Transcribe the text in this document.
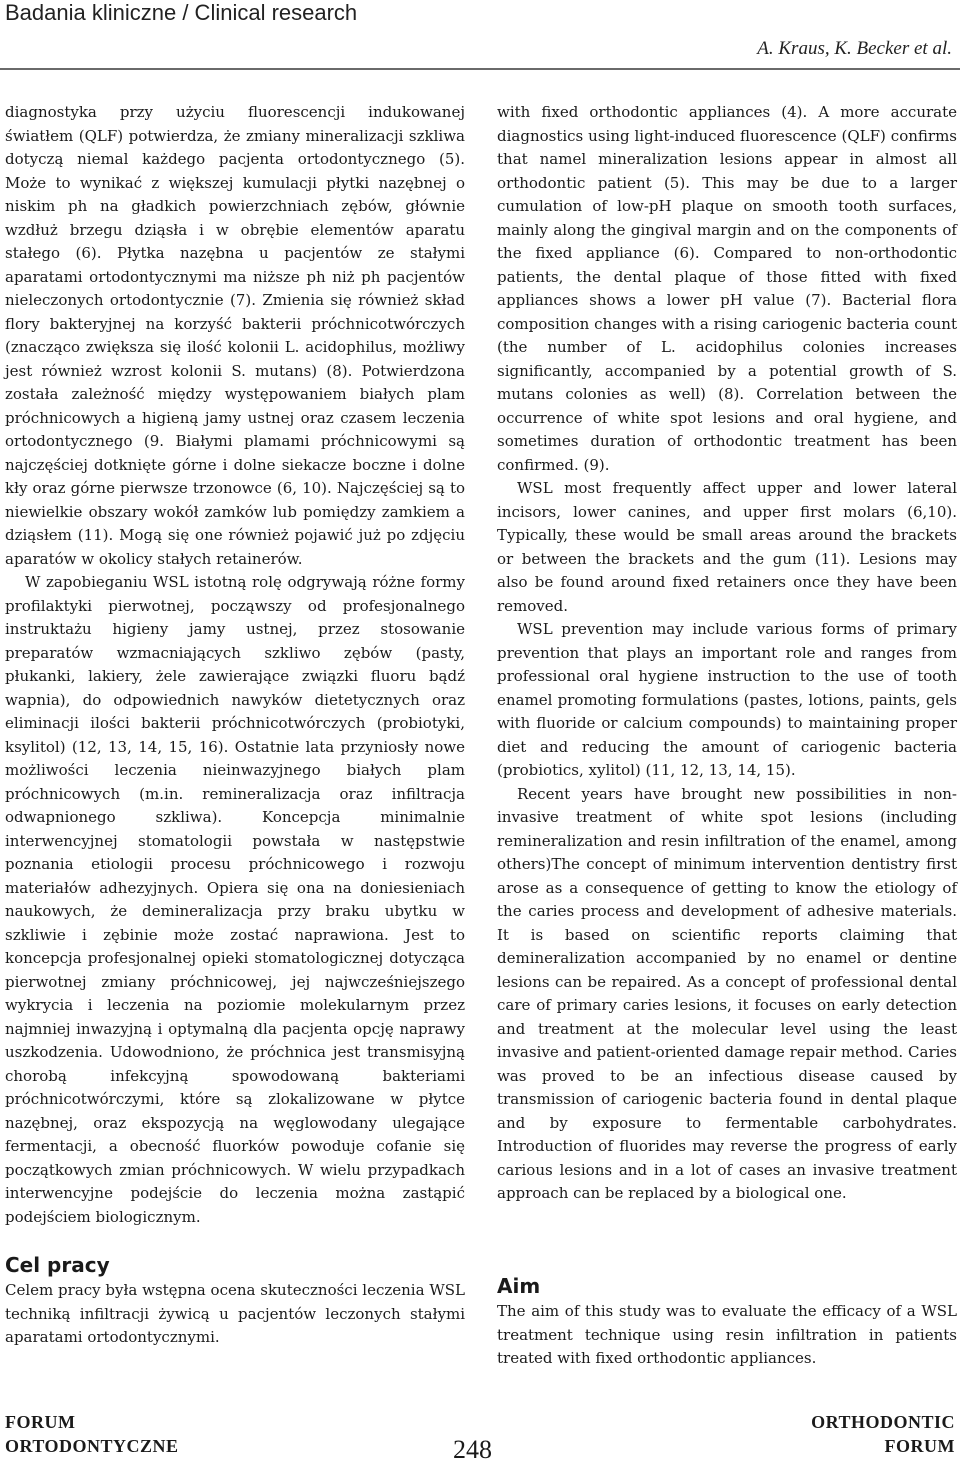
Badania kliniczne / Clinical research
A. Kraus, K. Becker et al.

diagnostyka przy użyciu fluorescencji indukowanej światłem (QLF) potwierdza, że zmiany mineralizacji szkliwa dotyczą niemal każdego pacjenta ortodontycznego (5). Może to wynikać z większej kumulacji płytki nazębnej o niskim ph na gładkich powierzchniach zębów, głównie wzdłuż brzegu dziąsła i w obrębie elementów aparatu stałego (6). Płytka nazębna u pacjentów ze stałymi aparatami ortodontycznymi ma niższe ph niż ph pacjentów nieleczonych ortodontycznie (7). Zmienia się również skład flory bakteryjnej na korzyść bakterii próchnicotwórczych (znacząco zwiększa się ilość kolonii L. acidophilus, możliwy jest również wzrost kolonii S. mutans) (8). Potwierdzona została zależność między występowaniem białych plam próchnicowych a higieną jamy ustnej oraz czasem leczenia ortodontycznego (9. Białymi plamami próchnicowymi są najczęściej dotknięte górne i dolne siekacze boczne i dolne kły oraz górne pierwsze trzonowce (6, 10). Najczęściej są to niewielkie obszary wokół zamków lub pomiędzy zamkiem a dziąsłem (11). Mogą się one również pojawić już po zdjęciu aparatów w okolicy stałych retainerów.

W zapobieganiu WSL istotną rolę odgrywają różne formy profilaktyki pierwotnej, począwszy od profesjonalnego instruktażu higieny jamy ustnej, przez stosowanie preparatów wzmacniających szkliwo zębów (pasty, płukanki, lakiery, żele zawierające związki fluoru bądź wapnia), do odpowiednich nawyków dietetycznych oraz eliminacji ilości bakterii próchnicotwórczych (probiotyki, ksylitol) (12, 13, 14, 15, 16). Ostatnie lata przyniosły nowe możliwości leczenia nieinwazyjnego białych plam próchnicowych (m.in. remineralizacja oraz infiltracja odwapnionego szkliwa). Koncepcja minimalnie interwencyjnej stomatologii powstała w następstwie poznania etiologii procesu próchnicowego i rozwoju materiałów adhezyjnych. Opiera się ona na doniesieniach naukowych, że demineralizacja przy braku ubytku w szkliwie i zębinie może zostać naprawiona. Jest to koncepcja profesjonalnej opieki stomatologicznej dotycząca pierwotnej zmiany próchnicowej, jej najwcześniejszego wykrycia i leczenia na poziomie molekularnym przez najmniej inwazyjną i optymalną dla pacjenta opcję naprawy uszkodzenia. Udowodniono, że próchnica jest transmisyjną chorobą infekcyjną spowodowaną bakteriami próchnicotwórczymi, które są zlokalizowane w płytce nazębnej, oraz ekspozycją na węglowodany ulegające fermentacji, a obecność fluorków powoduje cofanie się początkowych zmian próchnicowych. W wielu przypadkach interwencyjne podejście do leczenia można zastąpić podejściem biologicznym.

Cel pracy

Celem pracy była wstępna ocena skuteczności leczenia WSL techniką infiltracji żywicą u pacjentów leczonych stałymi aparatami ortodontycznymi.

with fixed orthodontic appliances (4). A more accurate diagnostics using light-induced fluorescence (QLF) confirms that namel mineralization lesions appear in almost all orthodontic patient (5). This may be due to a larger cumulation of low-pH plaque on smooth tooth surfaces, mainly along the gingival margin and on the components of the fixed appliance (6). Compared to non-orthodontic patients, the dental plaque of those fitted with fixed appliances shows a lower pH value (7). Bacterial flora composition changes with a rising cariogenic bacteria count (the number of L. acidophilus colonies increases significantly, accompanied by a potential growth of S. mutans colonies as well) (8). Correlation between the occurrence of white spot lesions and oral hygiene, and sometimes duration of orthodontic treatment has been confirmed. (9).

WSL most frequently affect upper and lower lateral incisors, lower canines, and upper first molars (6,10). Typically, these would be small areas around the brackets or between the brackets and the gum (11). Lesions may also be found around fixed retainers once they have been removed.

WSL prevention may include various forms of primary prevention that plays an important role and ranges from professional oral hygiene instruction to the use of tooth enamel promoting formulations (pastes, lotions, paints, gels with fluoride or calcium compounds) to maintaining proper diet and reducing the amount of cariogenic bacteria (probiotics, xylitol) (11, 12, 13, 14, 15).

Recent years have brought new possibilities in non-invasive treatment of white spot lesions (including remineralization and resin infiltration of the enamel, among others)The concept of minimum intervention dentistry first arose as a consequence of getting to know the etiology of the caries process and development of adhesive materials. It is based on scientific reports claiming that demineralization accompanied by no enamel or dentine lesions can be repaired. As a concept of professional dental care of primary caries lesions, it focuses on early detection and treatment at the molecular level using the least invasive and patient-oriented damage repair method. Caries was proved to be an infectious disease caused by transmission of cariogenic bacteria found in dental plaque and by exposure to fermentable carbohydrates. Introduction of fluorides may reverse the progress of early carious lesions and in a lot of cases an invasive treatment approach can be replaced by a biological one.

Aim

The aim of this study was to evaluate the efficacy of a WSL treatment technique using resin infiltration in patients treated with fixed orthodontic appliances.

FORUM
ORTODONTYCZNE	248
ORTHODONTIC
FORUM
